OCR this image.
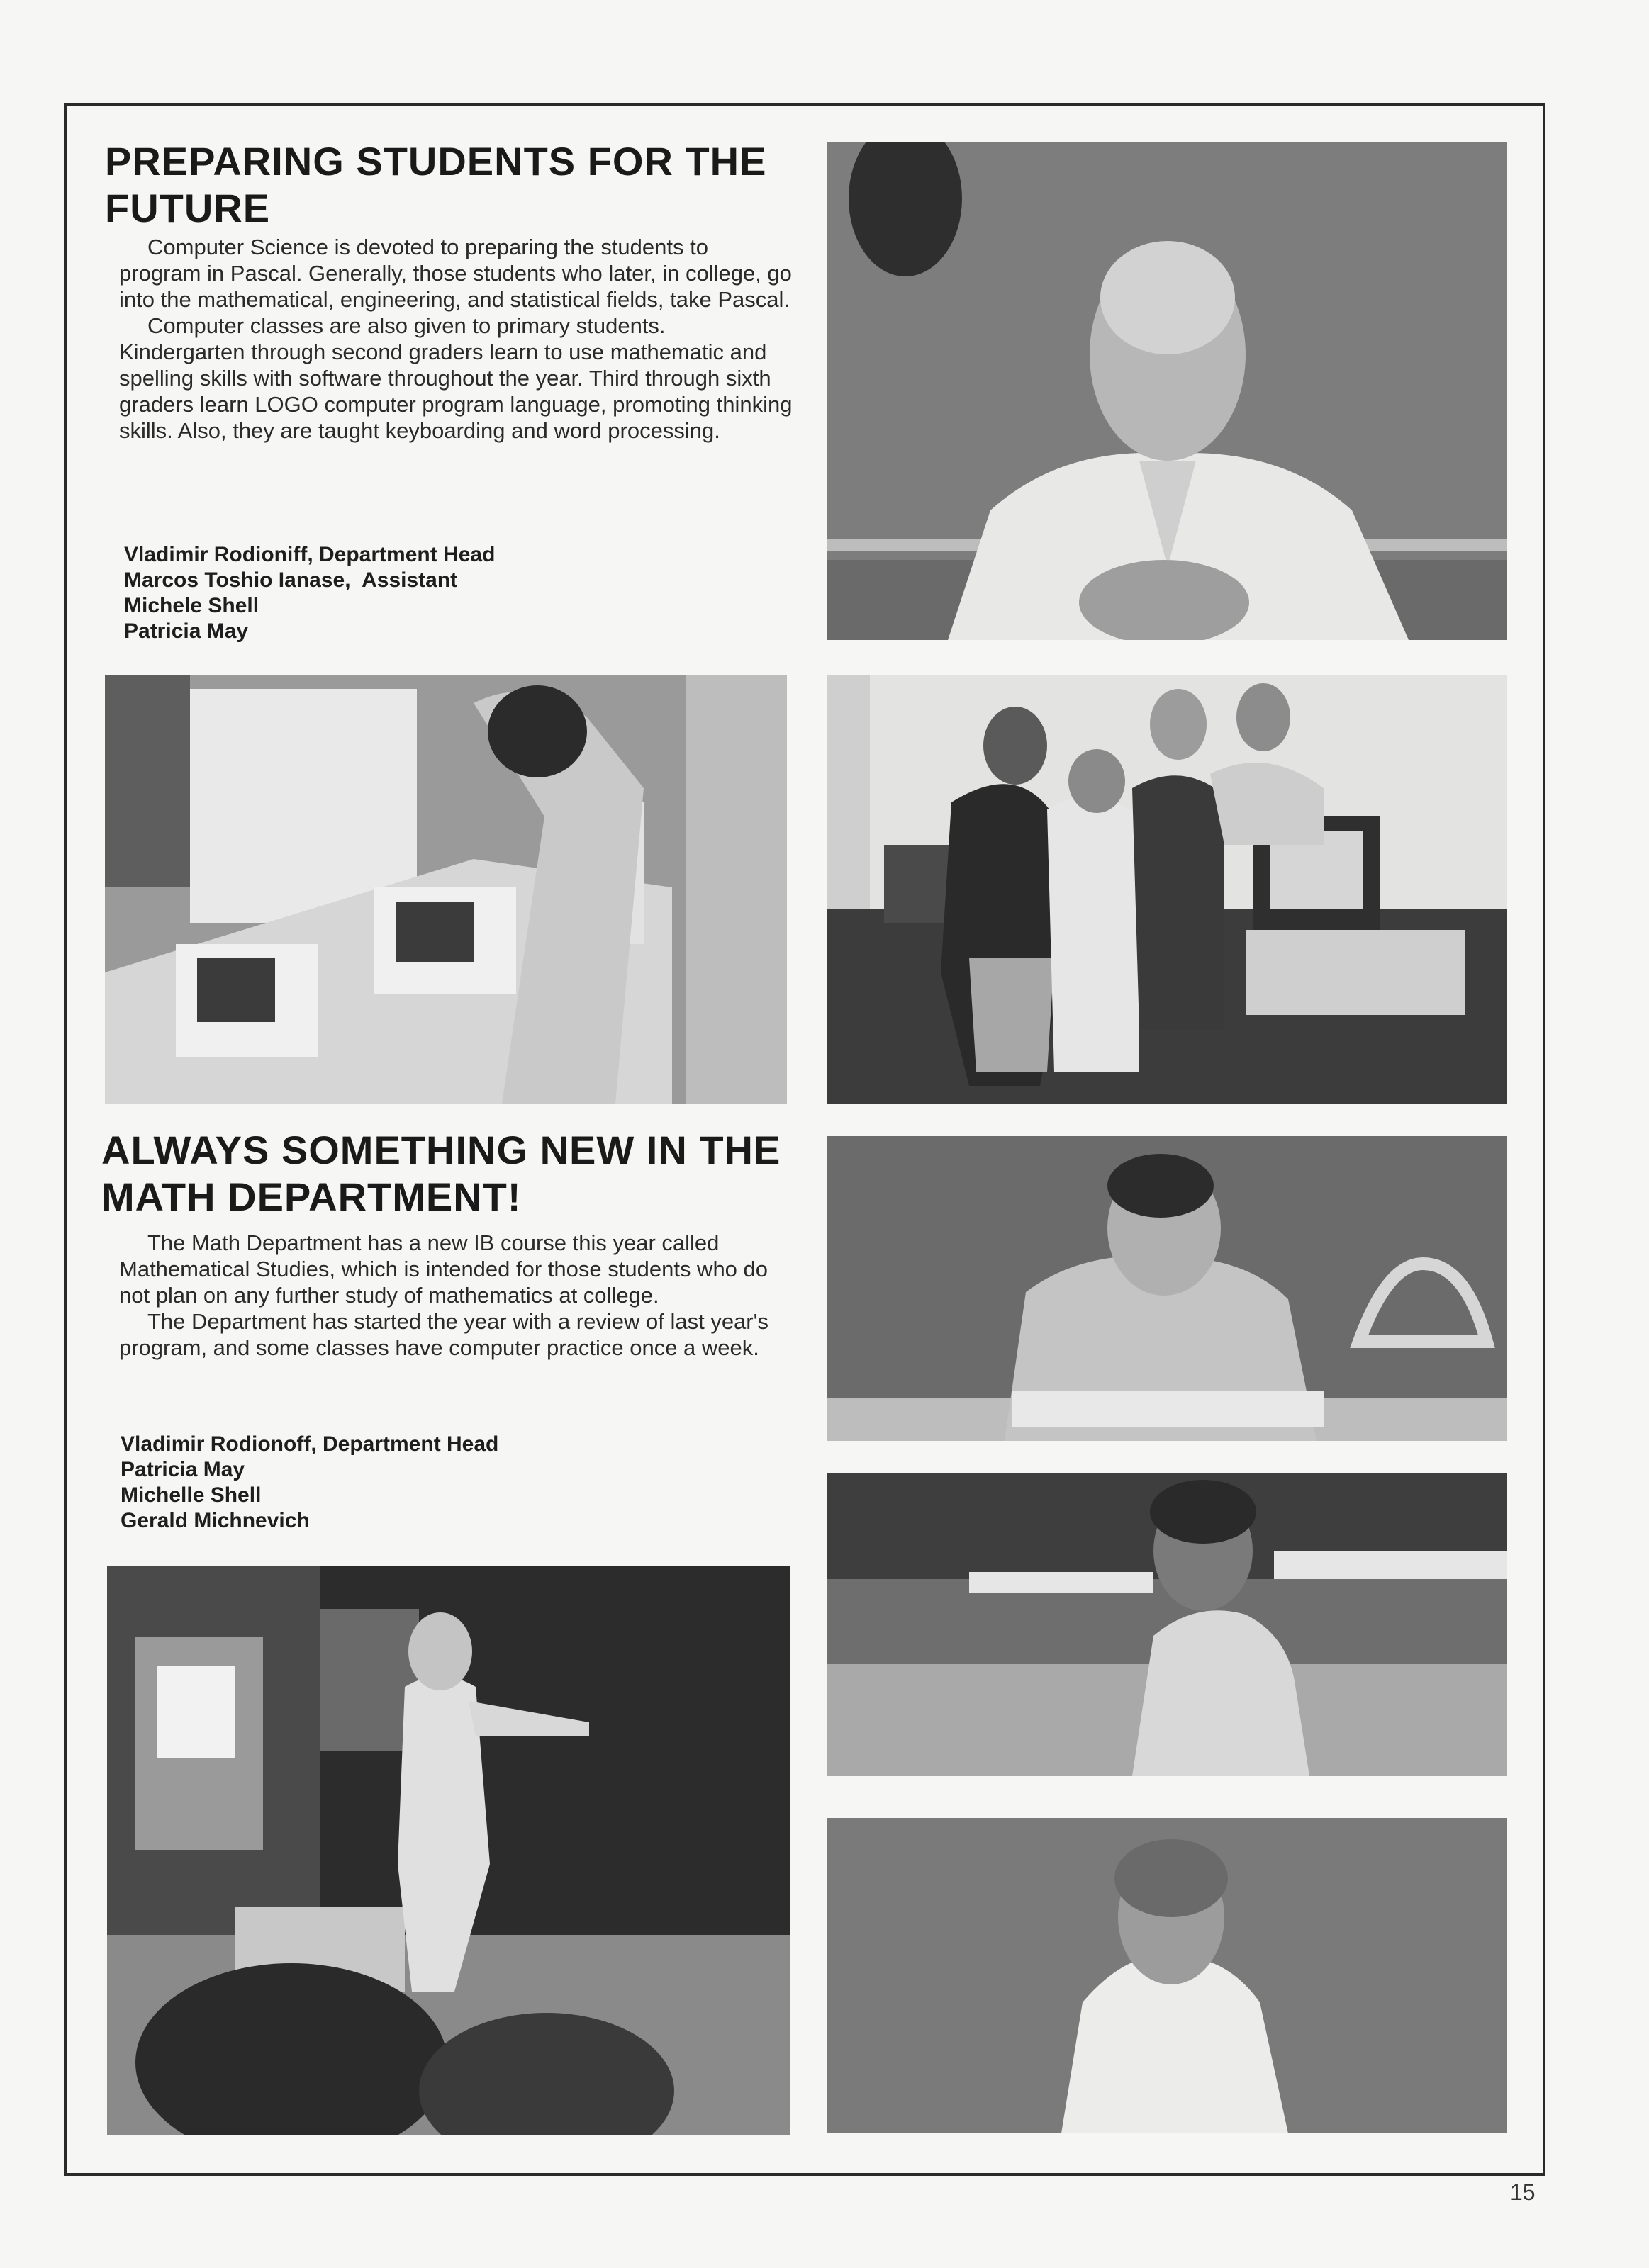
PREPARING STUDENTS FOR THE FUTURE

Computer Science is devoted to preparing the students to program in Pascal. Generally, those students who later, in college, go into the mathematical, engineering, and statistical fields, take Pascal.

Computer classes are also given to primary students. Kindergarten through second graders learn to use mathematic and spelling skills with software throughout the year. Third through sixth graders learn LOGO computer program language, promoting thinking skills. Also, they are taught keyboarding and word processing.

Vladimir Rodioniff, Department Head
Marcos Toshio Ianase,  Assistant
Michele Shell
Patricia May
ALWAYS SOMETHING NEW IN THE MATH DEPARTMENT!

The Math Department has a new IB course this year called Mathematical Studies, which is intended for those students who do not plan on any further study of mathematics at college.

The Department has started the year with a review of last year's program, and some classes have computer practice once a week.

Vladimir Rodionoff, Department Head
Patricia May
Michelle Shell
Gerald Michnevich
15
